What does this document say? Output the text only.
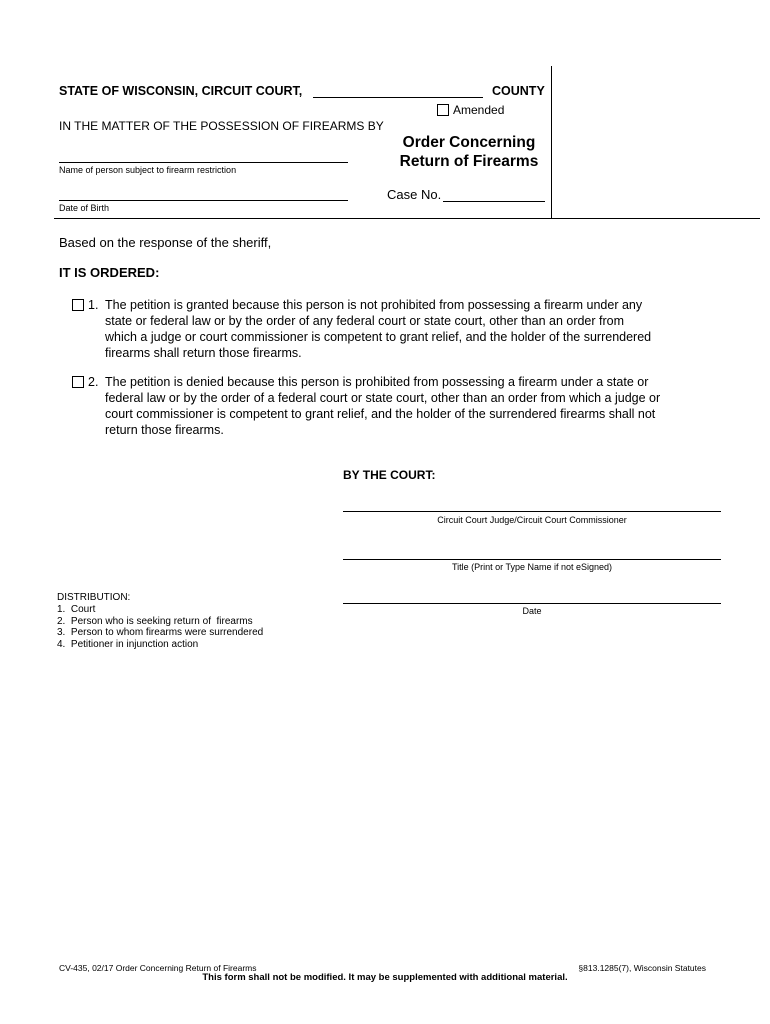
STATE OF WISCONSIN, CIRCUIT COURT,	COUNTY
Amended
IN THE MATTER OF THE POSSESSION OF FIREARMS BY
Name of person subject to firearm restriction
Order Concerning
Return of Firearms
Case No.
Date of Birth
Based on the response of the sheriff,
IT IS ORDERED:
1. The petition is granted because this person is not prohibited from possessing a firearm under any
state or federal law or by the order of any federal court or state court, other than an order from
which a judge or court commissioner is competent to grant relief, and the holder of the surrendered
firearms shall return those firearms.
2. The petition is denied because this person is prohibited from possessing a firearm under a state or
federal law or by the order of a federal court or state court, other than an order from which a judge or
court commissioner is competent to grant relief, and the holder of the surrendered firearms shall not
return those firearms.
BY THE COURT:
Circuit Court Judge/Circuit Court Commissioner
Title (Print or Type Name if not eSigned)
Date
DISTRIBUTION:
1.  Court
2.  Person who is seeking return of  firearms
3.  Person to whom firearms were surrendered
4.  Petitioner in injunction action
CV-435, 02/17 Order Concerning Return of Firearms	§813.1285(7), Wisconsin Statutes
This form shall not be modified. It may be supplemented with additional material.
